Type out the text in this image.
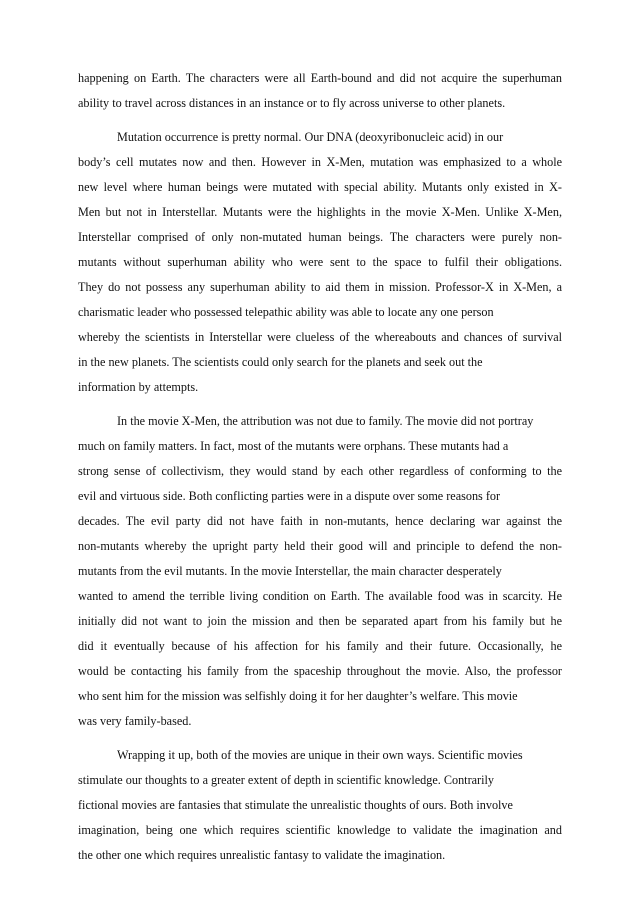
happening on Earth. The characters were all Earth-bound and did not acquire the superhuman
ability to travel across distances in an instance or to fly across universe to other planets.
Mutation occurrence is pretty normal. Our DNA (deoxyribonucleic acid) in our
body’s cell mutates now and then. However in X-Men, mutation was emphasized to a whole
new level where human beings were mutated with special ability. Mutants only existed in X-
Men but not in Interstellar. Mutants were the highlights in the movie X-Men. Unlike X-Men,
Interstellar comprised of only non-mutated human beings. The characters were purely non-
mutants without superhuman ability who were sent to the space to fulfil their obligations.
They do not possess any superhuman ability to aid them in mission. Professor-X in X-Men, a
charismatic leader who possessed telepathic ability was able to locate any one person
whereby the scientists in Interstellar were clueless of the whereabouts and chances of survival
in the new planets. The scientists could only search for the planets and seek out the
information by attempts.
In the movie X-Men, the attribution was not due to family. The movie did not portray
much on family matters. In fact, most of the mutants were orphans. These mutants had a
strong sense of collectivism, they would stand by each other regardless of conforming to the
evil and virtuous side. Both conflicting parties were in a dispute over some reasons for
decades. The evil party did not have faith in non-mutants, hence declaring war against the
non-mutants whereby the upright party held their good will and principle to defend the non-
mutants from the evil mutants. In the movie Interstellar, the main character desperately
wanted to amend the terrible living condition on Earth. The available food was in scarcity. He
initially did not want to join the mission and then be separated apart from his family but he
did it eventually because of his affection for his family and their future. Occasionally, he
would be contacting his family from the spaceship throughout the movie. Also, the professor
who sent him for the mission was selfishly doing it for her daughter’s welfare. This movie
was very family-based.
Wrapping it up, both of the movies are unique in their own ways. Scientific movies
stimulate our thoughts to a greater extent of depth in scientific knowledge. Contrarily
fictional movies are fantasies that stimulate the unrealistic thoughts of ours. Both involve
imagination, being one which requires scientific knowledge to validate the imagination and
the other one which requires unrealistic fantasy to validate the imagination.
